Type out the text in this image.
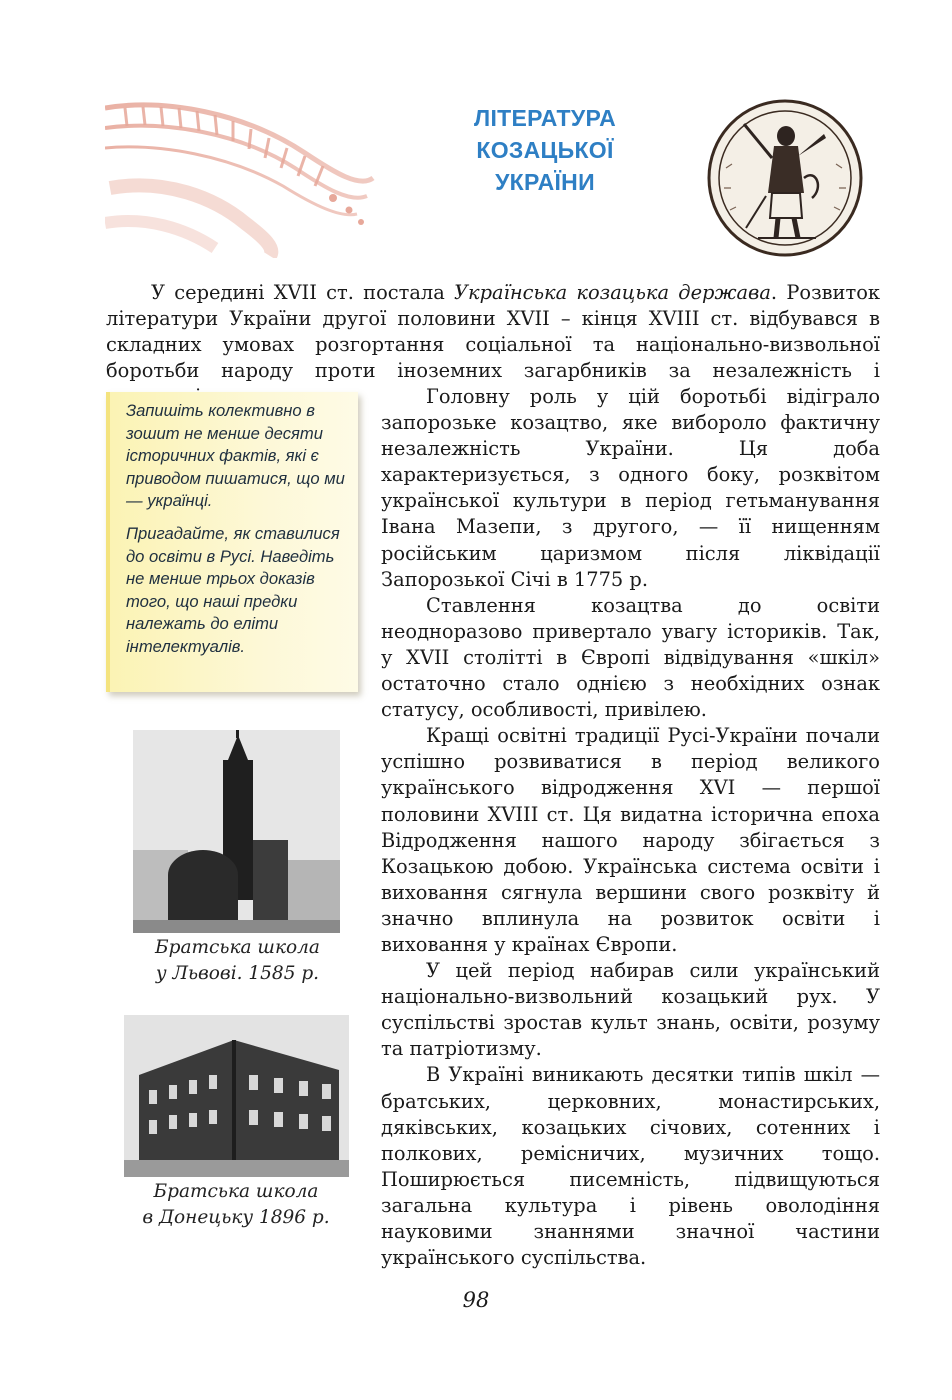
ЛІТЕРАТУРА
КОЗАЦЬКОЇ
УКРАЇНИ

У середині XVII ст. постала Українська козацька держава. Розвиток літератури України другої половини XVII – кінця XVIII ст. відбувався в складних умовах розгортання соціальної та національно-визвольної боротьби народу проти іноземних загарбників за незалежність і

Запишіть колективно в зошит не менше десяти історичних фактів, які є приводом пишатися, що ми — українці.

Пригадайте, як ставилися до освіти в Русі. Наведіть не менше трьох доказів того, що наші предки належать до еліти інтелектуалів.

Головну роль у цій боротьбі відіграло запорозьке козацтво, яке виборолo фактичну незалежність України. Ця доба характеризується, з одного боку, розквітом української культури в період гетьманування Івана Мазепи, з другого, — її нищенням російським царизмом після ліквідації Запорозької Січі в 1775 р.

Ставлення козацтва до освіти неодноразово привертало увагу істориків. Так, у XVII столітті в Європі відвідування «шкіл» остаточно стало однією з необхідних ознак статусу, особливості, привілею.

Кращі освітні традиції Русі-України почали успішно розвиватися в період великого українського відродження XVI — першої половини XVIII ст. Ця видатна історична епоха Відродження нашого народу збігається з Козацькою добою. Українська система освіти і виховання сягнула вершини свого розквіту й значно вплинула на розвиток освіти і виховання у країнах Європи.

У цей період набирав сили український національно-визвольний козацький рух. У суспільстві зростав культ знань, освіти, розуму та патріотизму.

В Україні виникають десятки типів шкіл — братських, церковних, монастирських, дяківських, козацьких січових, сотенних і полкових, ремісничих, музичних тощо. Поширюється писемність, підвищуються загальна культура і рівень оволодіння науковими знаннями значної частини українського суспільства.

Братська школа
у Львові. 1585 р.
Братська школа
в Донецьку 1896 р.
98
